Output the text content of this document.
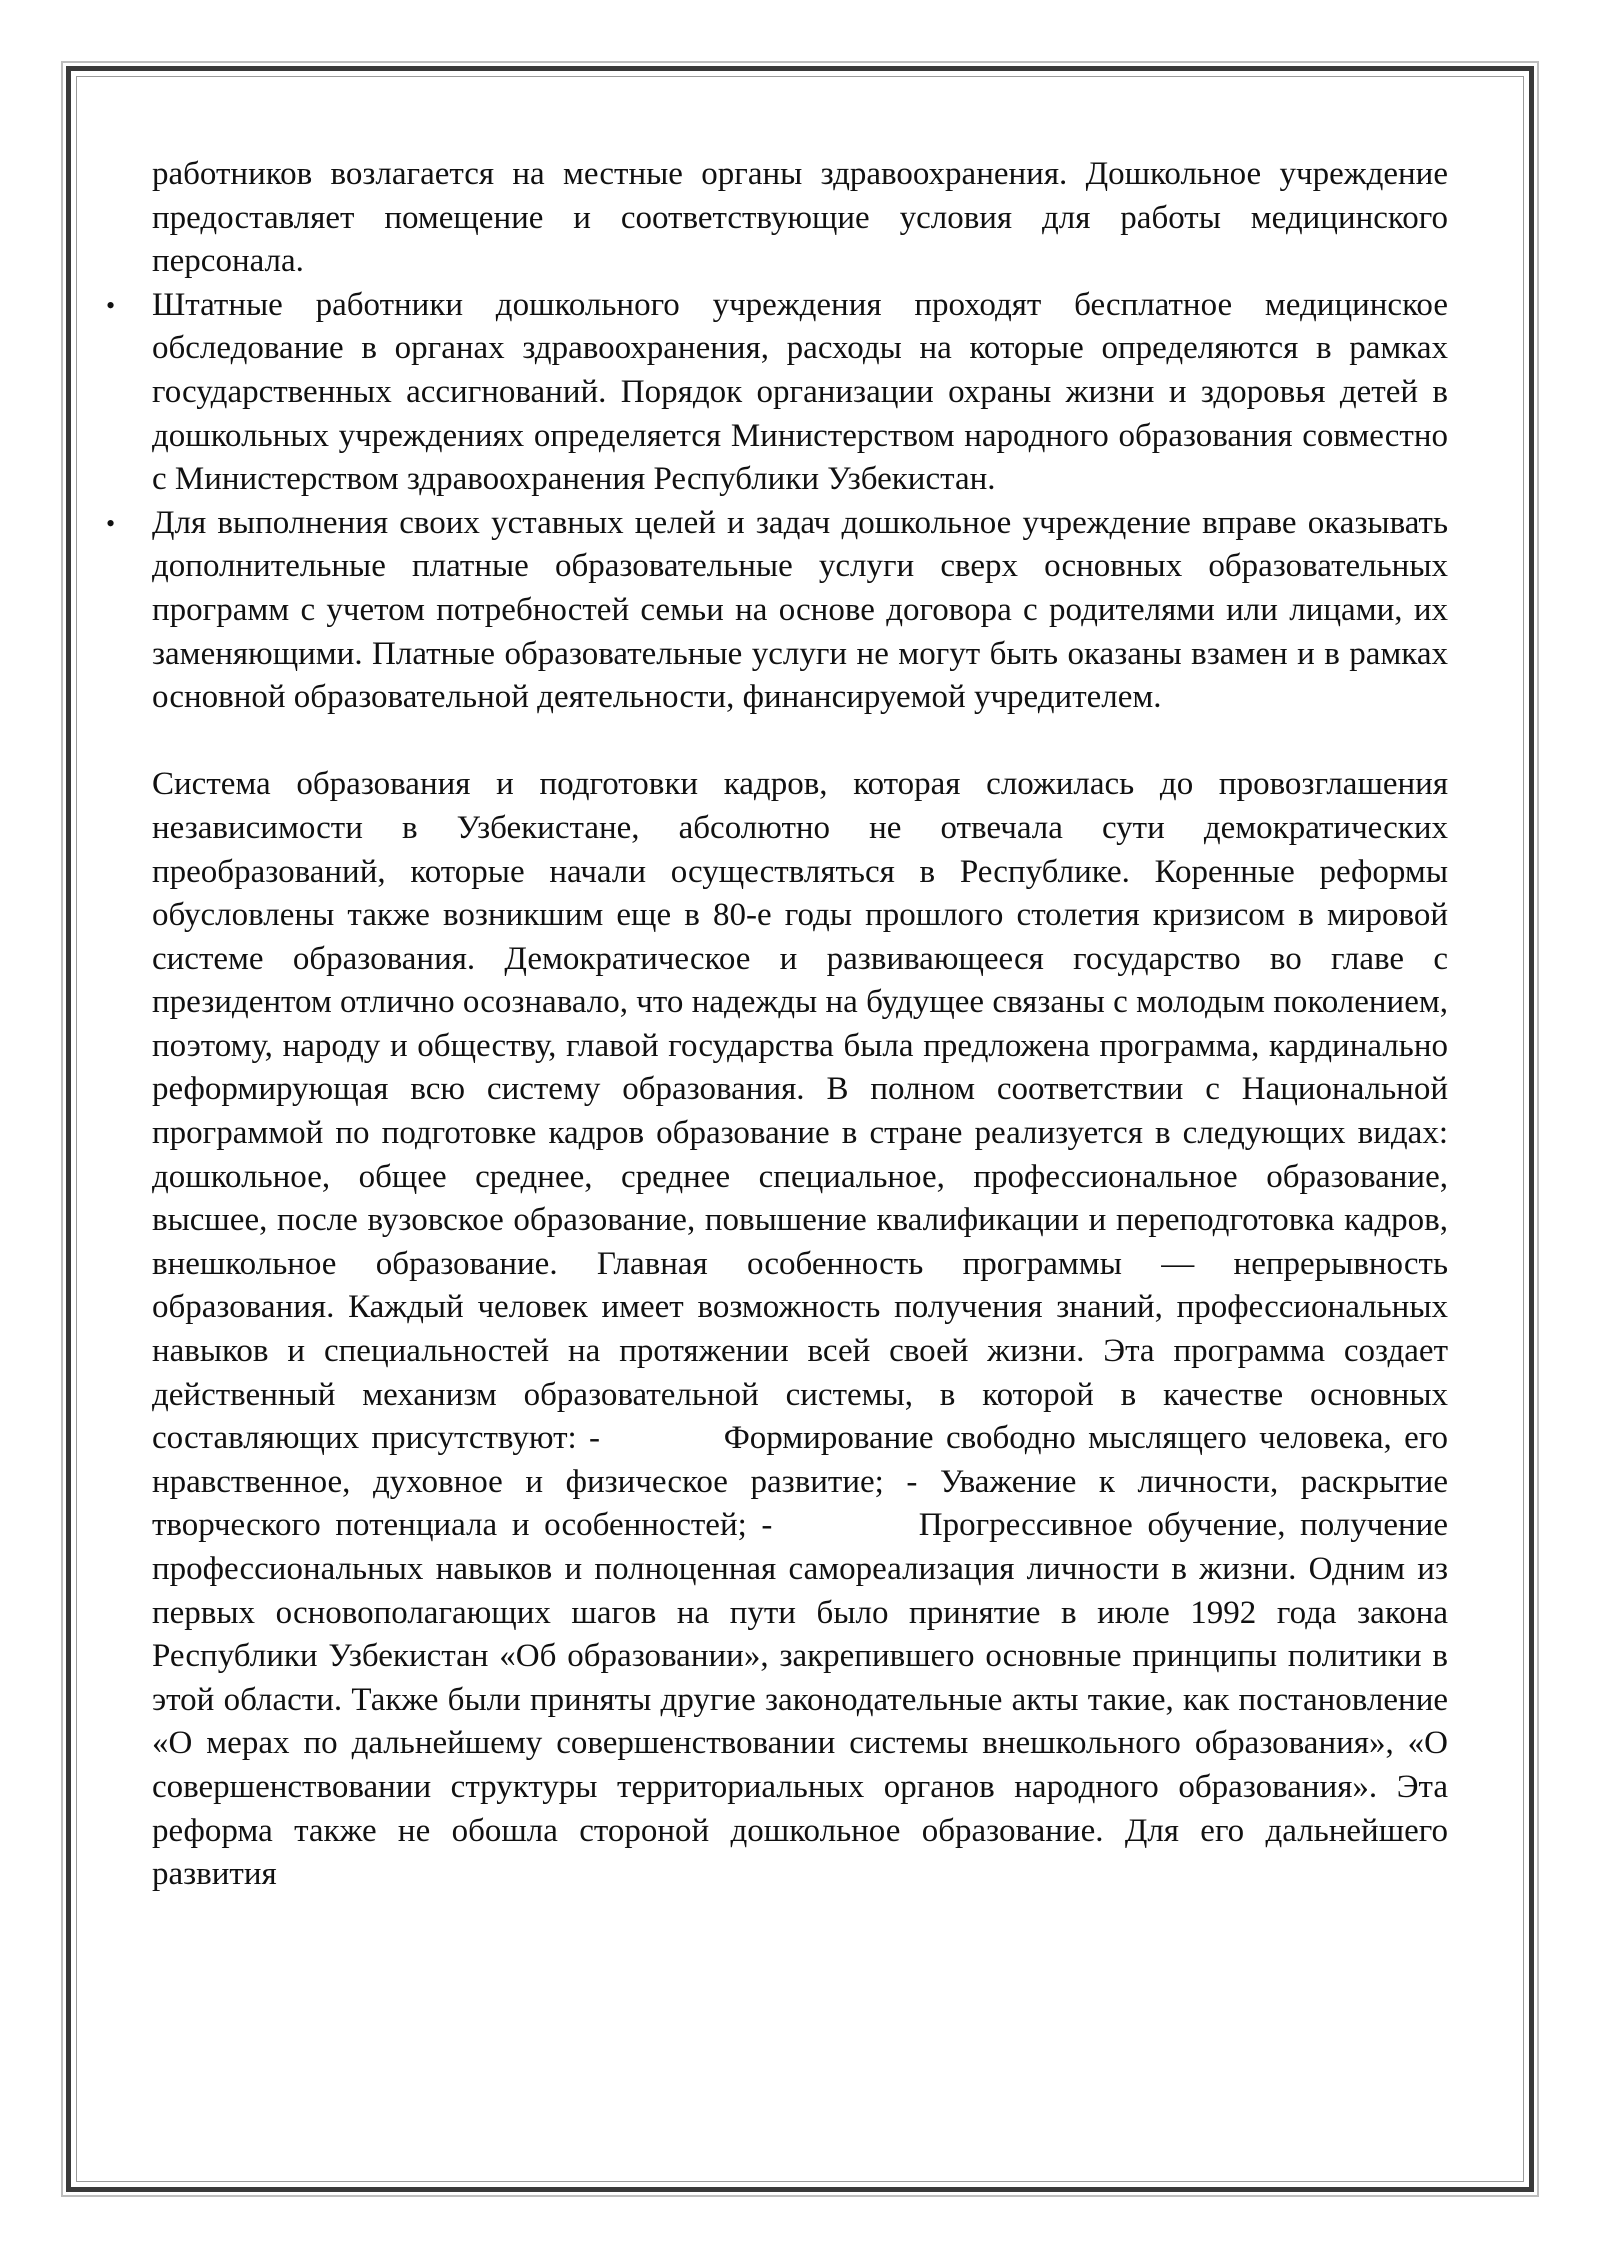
работников возлагается на местные органы здравоохранения. Дошкольное учреждение предоставляет помещение и соответствующие условия для работы медицинского персонала.

• Штатные работники дошкольного учреждения проходят бесплатное медицинское обследование в органах здравоохранения, расходы на которые определяются в рамках государственных ассигнований. Порядок организации охраны жизни и здоровья детей в дошкольных учреждениях определяется Министерством народного образования совместно с Министерством здравоохранения Республики Узбекистан.
• Для выполнения своих уставных целей и задач дошкольное учреждение вправе оказывать дополнительные платные образовательные услуги сверх основных образовательных программ с учетом потребностей семьи на основе договора с родителями или лицами, их заменяющими. Платные образовательные услуги не могут быть оказаны взамен и в рамках основной образовательной деятельности, финансируемой учредителем.

Система образования и подготовки кадров, которая сложилась до провозглашения независимости в Узбекистане, абсолютно не отвечала сути демократических преобразований, которые начали осуществляться в Республике. Коренные реформы обусловлены также возникшим еще в 80-е годы прошлого столетия кризисом в мировой системе образования. Демократическое и развивающееся государство во главе с президентом отлично осознавало, что надежды на будущее связаны с молодым поколением, поэтому, народу и обществу, главой государства была предложена программа, кардинально реформирующая всю систему образования. В полном соответствии с Национальной программой по подготовке кадров образование в стране реализуется в следующих видах: дошкольное, общее среднее, среднее специальное, профессиональное образование, высшее, после вузовское образование, повышение квалификации и переподготовка кадров, внешкольное образование. Главная особенность программы — непрерывность образования. Каждый человек имеет возможность получения знаний, профессиональных навыков и специальностей на протяжении всей своей жизни. Эта программа создает действенный механизм образовательной системы, в которой в качестве основных составляющих присутствуют: -          Формирование свободно мыслящего человека, его нравственное, духовное и физическое развитие; - Уважение к личности, раскрытие творческого потенциала и особенностей; -          Прогрессивное обучение, получение профессиональных навыков и полноценная самореализация личности в жизни. Одним из первых основополагающих шагов на пути было принятие в июле 1992 года закона Республики Узбекистан «Об образовании», закрепившего основные принципы политики в этой области. Также были приняты другие законодательные акты такие, как постановление «О мерах по дальнейшему совершенствовании системы внешкольного образования», «О совершенствовании структуры территориальных органов народного образования». Эта реформа также не обошла стороной дошкольное образование. Для его дальнейшего развития
